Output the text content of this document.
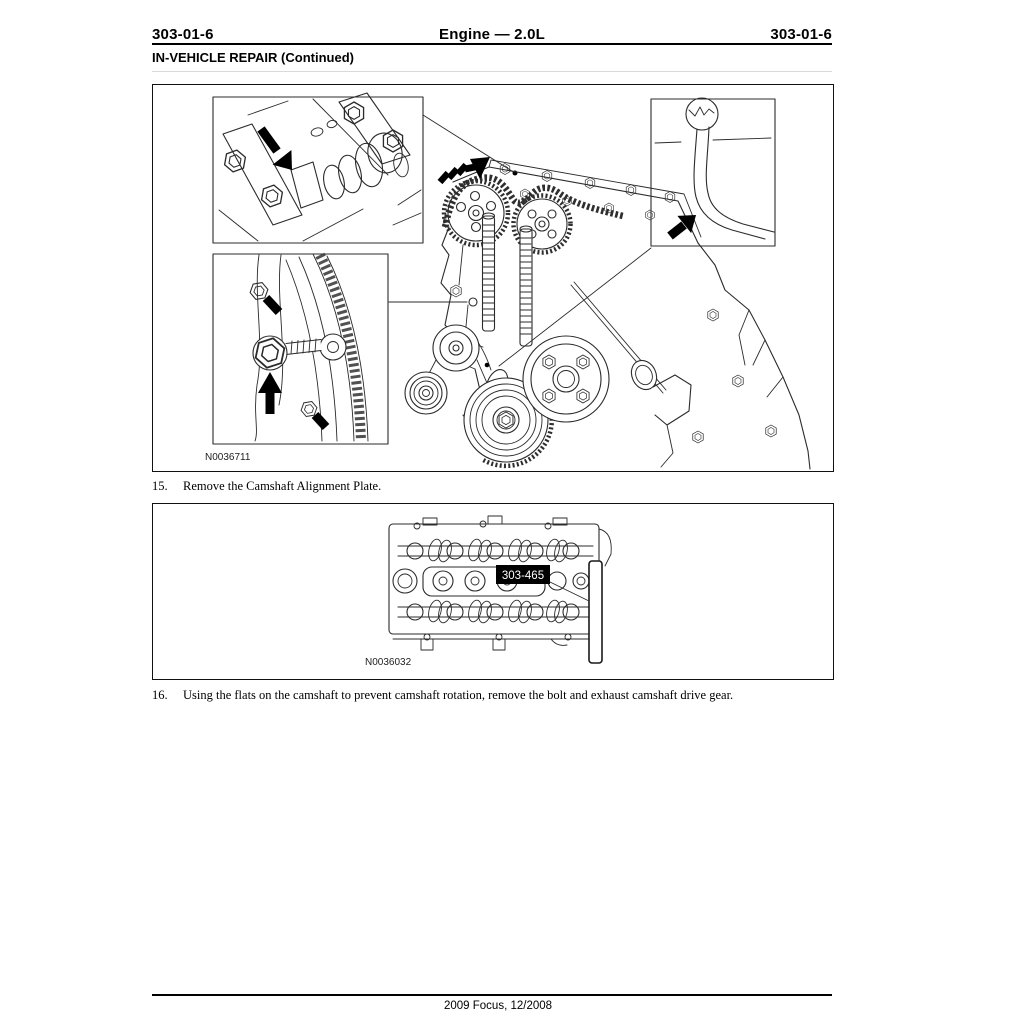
303-01-6	Engine — 2.0L	303-01-6
IN-VEHICLE REPAIR (Continued)
N0036711
15.	Remove the Camshaft Alignment Plate.
303-465
N0036032
16.	Using the flats on the camshaft to prevent camshaft rotation, remove the bolt and exhaust camshaft drive gear.
2009 Focus, 12/2008
